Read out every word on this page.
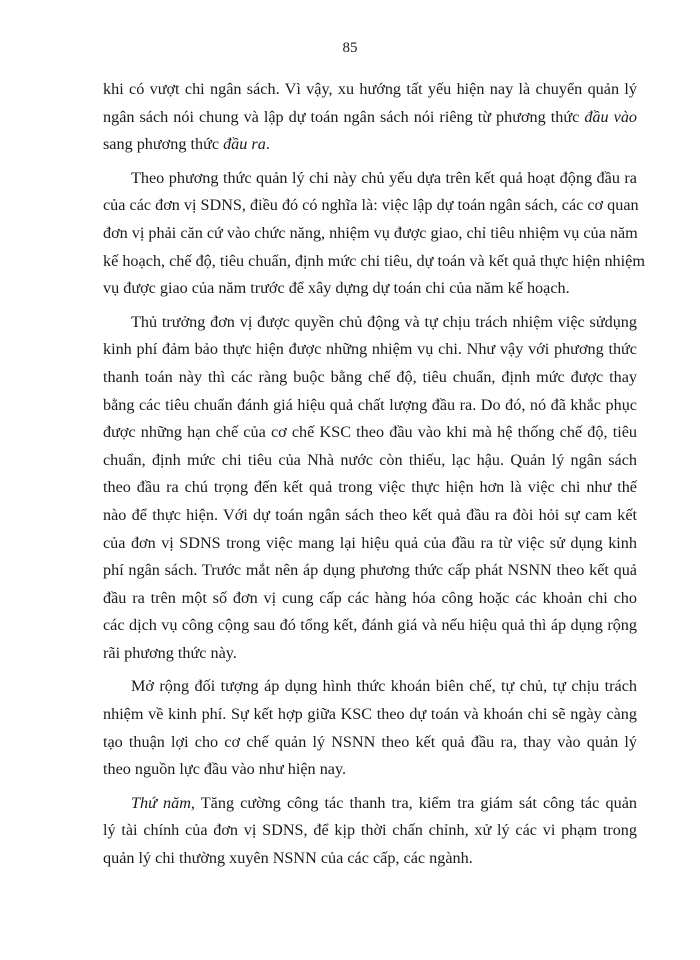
85
khi có vượt chi ngân sách. Vì vậy, xu hướng tất yếu hiện nay là chuyển quản lý
ngân sách nói chung và lập dự toán ngân sách nói riêng từ phương thức đầu vào
sang phương thức đầu ra.
Theo phương thức quản lý chi này chủ yếu dựa trên kết quả hoạt động đầu ra
của các đơn vị SDNS, điều đó có nghĩa là: việc lập dự toán ngân sách, các cơ quan
đơn vị phải căn cứ vào chức năng, nhiệm vụ được giao, chỉ tiêu nhiệm vụ của năm
kế hoạch, chế độ, tiêu chuẩn, định mức chi tiêu, dự toán và kết quả thực hiện nhiệm
vụ được giao của năm trước để xây dựng dự toán chi của năm kế hoạch.
Thủ trưởng đơn vị được quyền chủ động và tự chịu trách nhiệm việc sửdụng
kinh phí đảm bảo thực hiện được những nhiệm vụ chi. Như vậy với phương thức
thanh toán này thì các ràng buộc bằng chế độ, tiêu chuẩn, định mức được thay
bằng các tiêu chuẩn đánh giá hiệu quả chất lượng đầu ra. Do đó, nó đã khắc phục
được những hạn chế của cơ chế KSC theo đầu vào khi mà hệ thống chế độ, tiêu
chuẩn, định mức chi tiêu của Nhà nước còn thiếu, lạc hậu. Quản lý ngân sách
theo đầu ra chú trọng đến kết quả trong việc thực hiện hơn là việc chi như thế
nào để thực hiện. Với dự toán ngân sách theo kết quả đầu ra đòi hỏi sự cam kết
của đơn vị SDNS trong việc mang lại hiệu quả của đầu ra từ việc sử dụng kinh
phí ngân sách. Trước mắt nên áp dụng phương thức cấp phát NSNN theo kết quả
đầu ra trên một số đơn vị cung cấp các hàng hóa công hoặc các khoản chi cho
các dịch vụ công cộng sau đó tổng kết, đánh giá và nếu hiệu quả thì áp dụng rộng
rãi phương thức này.
Mở rộng đối tượng áp dụng hình thức khoán biên chế, tự chủ, tự chịu trách
nhiệm về kinh phí. Sự kết hợp giữa KSC theo dự toán và khoán chi sẽ ngày càng
tạo thuận lợi cho cơ chế quản lý NSNN theo kết quả đầu ra, thay vào quản lý
theo nguồn lực đầu vào như hiện nay.
Thứ năm, Tăng cường công tác thanh tra, kiểm tra giám sát công tác quản
lý tài chính của đơn vị SDNS, để kịp thời chấn chỉnh, xử lý các vi phạm trong
quản lý chi thường xuyên NSNN của các cấp, các ngành.
